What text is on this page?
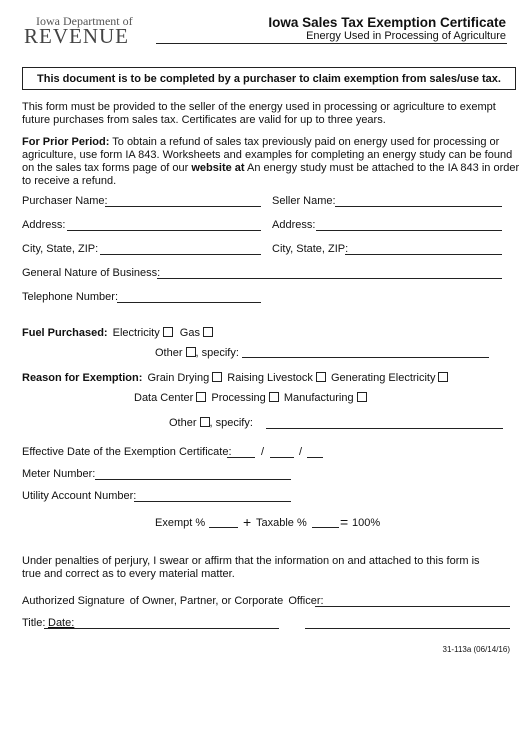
Iowa Department of
REVENUE
Iowa Sales Tax Exemption Certificate
Energy Used in Processing of Agriculture
This document is to be completed by a purchaser to claim exemption from sales/use tax.
This form must be provided to the seller of the energy used in processing or agriculture to exempt future purchases from sales tax. Certificates are valid for up to three years.
For Prior Period: To obtain a refund of sales tax previously paid on energy used for processing or agriculture, use form IA 843. Worksheets and examples for completing an energy study can be found on the sales tax forms page of our website at An energy study must be attached to the IA 843 in order to receive a refund.
Purchaser Name:	Seller Name:
Address:	Address:
City, State, ZIP:	City, State, ZIP:
General Nature of Business:
Telephone Number:
Fuel Purchased: Electricity Gas
Other , specify:
Reason for Exemption: Grain Drying Raising Livestock Generating Electricity
Data Center Processing Manufacturing
Other , specify:
Effective Date of the Exemption Certificate:	/	/
Meter Number:
Utility Account Number:
Exempt %	+ Taxable % = 100%
Under penalties of perjury, I swear or affirm that the information on and attached to this form is true and correct as to every material matter.
Authorized Signature of Owner, Partner, or Corporate Officer:
Title: Date:
31-113a (06/14/16)
